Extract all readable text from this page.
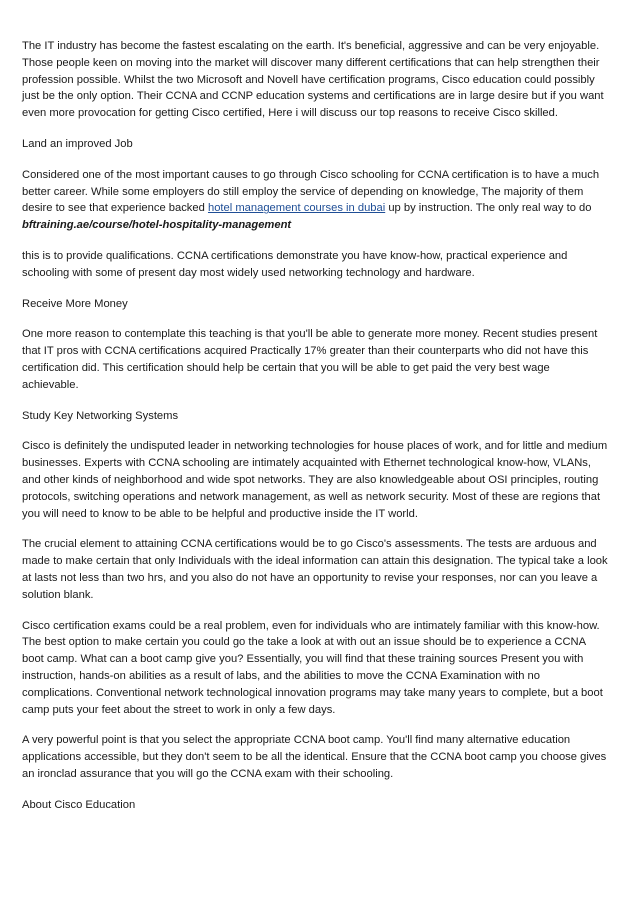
The IT industry has become the fastest escalating on the earth. It's beneficial, aggressive and can be very enjoyable. Those people keen on moving into the market will discover many different certifications that can help strengthen their profession possible. Whilst the two Microsoft and Novell have certification programs, Cisco education could possibly just be the only option. Their CCNA and CCNP education systems and certifications are in large desire but if you want even more provocation for getting Cisco certified, Here i will discuss our top reasons to receive Cisco skilled.

Land an improved Job

Considered one of the most important causes to go through Cisco schooling for CCNA certification is to have a much better career. While some employers do still employ the service of depending on knowledge, The majority of them desire to see that experience backed hotel management courses in dubai up by instruction. The only real way to do bftraining.ae/course/hotel-hospitality-management

this is to provide qualifications. CCNA certifications demonstrate you have know-how, practical experience and schooling with some of present day most widely used networking technology and hardware.

Receive More Money

One more reason to contemplate this teaching is that you'll be able to generate more money. Recent studies present that IT pros with CCNA certifications acquired Practically 17% greater than their counterparts who did not have this certification did. This certification should help be certain that you will be able to get paid the very best wage achievable.

Study Key Networking Systems

Cisco is definitely the undisputed leader in networking technologies for house places of work, and for little and medium businesses. Experts with CCNA schooling are intimately acquainted with Ethernet technological know-how, VLANs, and other kinds of neighborhood and wide spot networks. They are also knowledgeable about OSI principles, routing protocols, switching operations and network management, as well as network security. Most of these are regions that you will need to know to be able to be helpful and productive inside the IT world.

The crucial element to attaining CCNA certifications would be to go Cisco's assessments. The tests are arduous and made to make certain that only Individuals with the ideal information can attain this designation. The typical take a look at lasts not less than two hrs, and you also do not have an opportunity to revise your responses, nor can you leave a solution blank.

Cisco certification exams could be a real problem, even for individuals who are intimately familiar with this know-how. The best option to make certain you could go the take a look at with out an issue should be to experience a CCNA boot camp. What can a boot camp give you? Essentially, you will find that these training sources Present you with instruction, hands-on abilities as a result of labs, and the abilities to move the CCNA Examination with no complications. Conventional network technological innovation programs may take many years to complete, but a boot camp puts your feet about the street to work in only a few days.

A very powerful point is that you select the appropriate CCNA boot camp. You'll find many alternative education applications accessible, but they don't seem to be all the identical. Ensure that the CCNA boot camp you choose gives an ironclad assurance that you will go the CCNA exam with their schooling.

About Cisco Education
